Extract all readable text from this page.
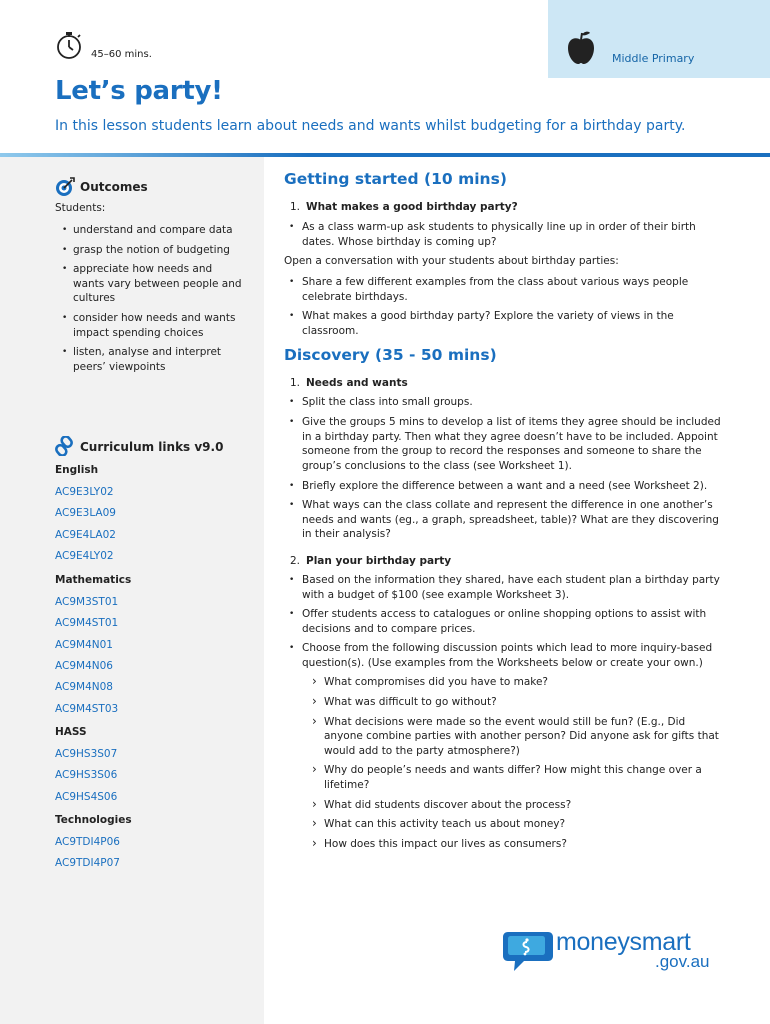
45–60 mins.	Middle Primary
Let’s party!

In this lesson students learn about needs and wants whilst budgeting for a birthday party.

Outcomes
Students:
• understand and compare data
• grasp the notion of budgeting
• appreciate how needs and wants vary between people and cultures
• consider how needs and wants impact spending choices
• listen, analyse and interpret peers’ viewpoints
Curriculum links v9.0
English
AC9E3LY02
AC9E3LA09
AC9E4LA02
AC9E4LY02
Mathematics
AC9M3ST01
AC9M4ST01
AC9M4N01
AC9M4N06
AC9M4N08
AC9M4ST03
HASS
AC9HS3S07
AC9HS3S06
AC9HS4S06
Technologies
AC9TDI4P06
AC9TDI4P07
Getting started (10 mins)
1. What makes a good birthday party?
• As a class warm-up ask students to physically line up in order of their birth dates. Whose birthday is coming up?
Open a conversation with your students about birthday parties:
• Share a few different examples from the class about various ways people celebrate birthdays.
• What makes a good birthday party? Explore the variety of views in the classroom.
Discovery (35 - 50 mins)
1. Needs and wants
• Split the class into small groups.
• Give the groups 5 mins to develop a list of items they agree should be included in a birthday party. Then what they agree doesn’t have to be included. Appoint someone from the group to record the responses and someone to share the group’s conclusions to the class (see Worksheet 1).
• Briefly explore the difference between a want and a need (see Worksheet 2).
• What ways can the class collate and represent the difference in one another’s needs and wants (eg., a graph, spreadsheet, table)? What are they discovering in their analysis?
2. Plan your birthday party
• Based on the information they shared, have each student plan a birthday party with a budget of $100 (see example Worksheet 3).
• Offer students access to catalogues or online shopping options to assist with decisions and to compare prices.
• Choose from the following discussion points which lead to more inquiry-based question(s). (Use examples from the Worksheets below or create your own.)
› What compromises did you have to make?
› What was difficult to go without?
› What decisions were made so the event would still be fun? (E.g., Did anyone combine parties with another person? Did anyone ask for gifts that would add to the party atmosphere?)
› Why do people’s needs and wants differ? How might this change over a lifetime?
› What did students discover about the process?
› What can this activity teach us about money?
› How does this impact our lives as consumers?
moneysmart
.gov.au
